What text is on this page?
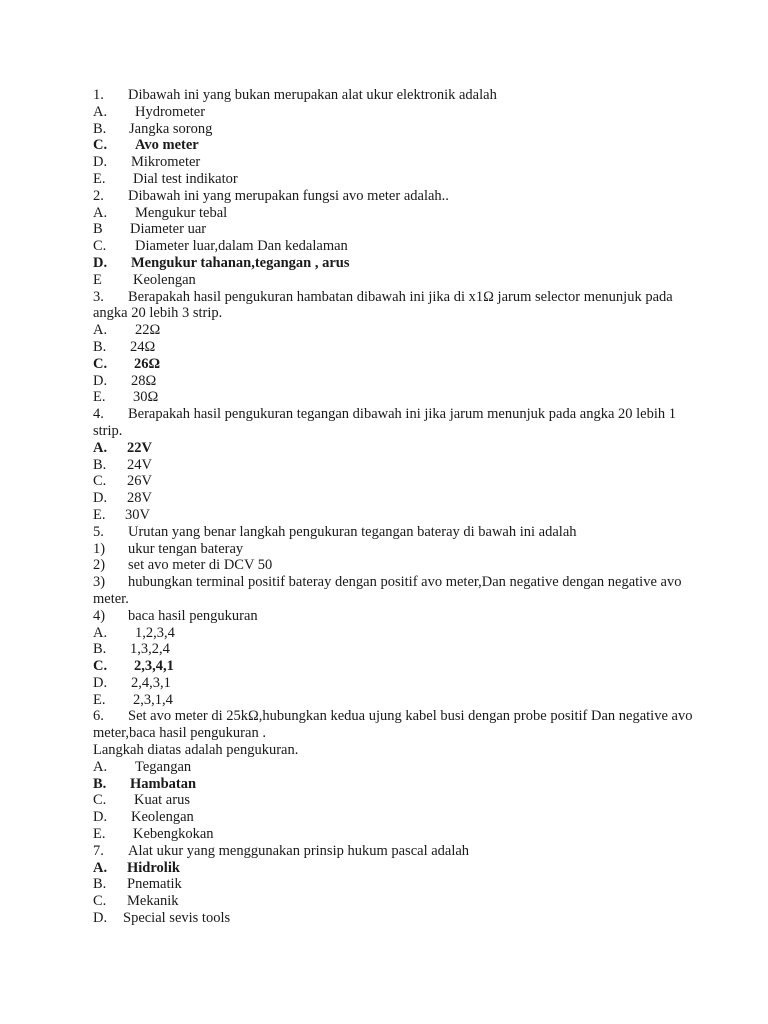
1. Dibawah ini yang bukan merupakan alat ukur elektronik adalah
A. Hydrometer
B. Jangka sorong
C. Avo meter
D. Mikrometer
E. Dial test indikator
2. Dibawah ini yang merupakan fungsi avo meter adalah..
A. Mengukur tebal
B Diameter uar
C. Diameter luar,dalam Dan kedalaman
D. Mengukur tahanan,tegangan , arus
E Keolengan
3. Berapakah hasil pengukuran hambatan dibawah ini jika di x1Ω jarum selector menunjuk pada angka 20 lebih 3 strip.
A. 22Ω
B. 24Ω
C. 26Ω
D. 28Ω
E. 30Ω
4. Berapakah hasil pengukuran tegangan dibawah ini jika jarum menunjuk pada angka 20 lebih 1 strip.
A. 22V
B. 24V
C. 26V
D. 28V
E. 30V
5. Urutan yang benar langkah pengukuran tegangan bateray di bawah ini adalah
1) ukur tengan bateray
2) set avo meter di DCV 50
3) hubungkan terminal positif bateray dengan positif avo meter,Dan negative dengan negative avo meter.
4) baca hasil pengukuran
A. 1,2,3,4
B. 1,3,2,4
C. 2,3,4,1
D. 2,4,3,1
E. 2,3,1,4
6. Set avo meter di 25kΩ,hubungkan kedua ujung kabel busi dengan probe positif Dan negative avo meter,baca hasil pengukuran .
Langkah diatas adalah pengukuran.
A. Tegangan
B. Hambatan
C. Kuat arus
D. Keolengan
E. Kebengkokan
7. Alat ukur yang menggunakan prinsip hukum pascal adalah
A. Hidrolik
B. Pnematik
C. Mekanik
D. Special sevis tools
